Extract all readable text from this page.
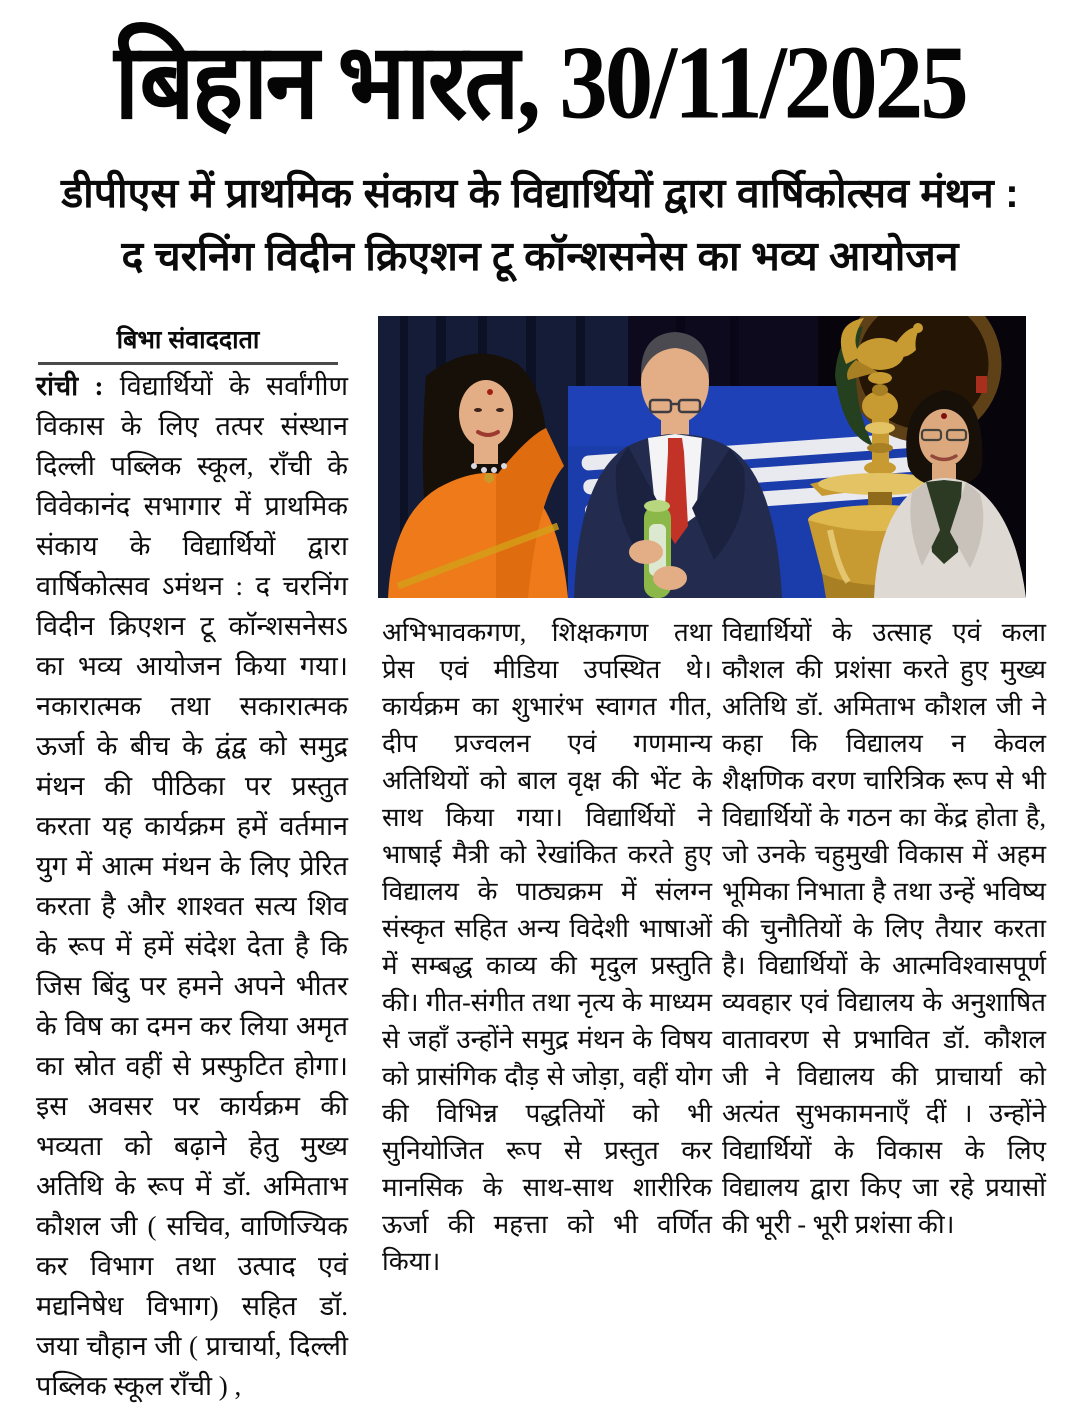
बिहान भारत, 30/11/2025
डीपीएस में प्राथमिक संकाय के विद्यार्थियों द्वारा वार्षिकोत्सव मंथन :
द चरनिंग विदीन क्रिएशन टू कॉन्शसनेस का भव्य आयोजन
बिभा संवाददाता
रांची : विद्यार्थियों के सर्वांगीण विकास के लिए तत्पर संस्थान दिल्ली पब्लिक स्कूल, राँची के विवेकानंद सभागार में प्राथमिक संकाय के विद्यार्थियों द्वारा वार्षिकोत्सव ऽमंथन : द चरनिंग विदीन क्रिएशन टू कॉन्शसनेसऽ का भव्य आयोजन किया गया। नकारात्मक तथा सकारात्मक ऊर्जा के बीच के द्वंद्व को समुद्र मंथन की पीठिका पर प्रस्तुत करता यह कार्यक्रम हमें वर्तमान युग में आत्म मंथन के लिए प्रेरित करता है और शाश्वत सत्य शिव के रूप में हमें संदेश देता है कि जिस बिंदु पर हमने अपने भीतर के विष का दमन कर लिया अमृत का स्रोत वहीं से प्रस्फुटित होगा। इस अवसर पर कार्यक्रम की भव्यता को बढ़ाने हेतु मुख्य अतिथि के रूप में डॉ. अमिताभ कौशल जी ( सचिव, वाणिज्यिक कर विभाग तथा उत्पाद एवं मद्यनिषेध विभाग) सहित डॉ. जया चौहान जी ( प्राचार्या, दिल्ली पब्लिक स्कूल राँची ) ,
अभिभावकगण, शिक्षकगण तथा प्रेस एवं मीडिया उपस्थित थे। कार्यक्रम का शुभारंभ स्वागत गीत, दीप प्रज्वलन एवं गणमान्य अतिथियों को बाल वृक्ष की भेंट के साथ किया गया। विद्यार्थियों ने भाषाई मैत्री को रेखांकित करते हुए विद्यालय के पाठ्यक्रम में संलग्न संस्कृत सहित अन्य विदेशी भाषाओं में सम्बद्ध काव्य की मृदुल प्रस्तुति की। गीत-संगीत तथा नृत्य के माध्यम से जहाँ उन्होंने समुद्र मंथन के विषय को प्रासंगिक दौड़ से जोड़ा, वहीं योग की विभिन्न पद्धतियों को भी सुनियोजित रूप से प्रस्तुत कर मानसिक के साथ-साथ शारीरिक ऊर्जा की महत्ता को भी वर्णित किया।
विद्यार्थियों के उत्साह एवं कला कौशल की प्रशंसा करते हुए मुख्य अतिथि डॉ. अमिताभ कौशल जी ने कहा कि विद्यालय न केवल शैक्षणिक वरण चारित्रिक रूप से भी विद्यार्थियों के गठन का केंद्र होता है, जो उनके चहुमुखी विकास में अहम भूमिका निभाता है तथा उन्हें भविष्य की चुनौतियों के लिए तैयार करता है। विद्यार्थियों के आत्मविश्वासपूर्ण व्यवहार एवं विद्यालय के अनुशाषित वातावरण से प्रभावित डॉ. कौशल जी ने विद्यालय की प्राचार्या को अत्यंत सुभकामनाएँ दीं । उन्होंने विद्यार्थियों के विकास के लिए विद्यालय द्वारा किए जा रहे प्रयासों की भूरी - भूरी प्रशंसा की।
